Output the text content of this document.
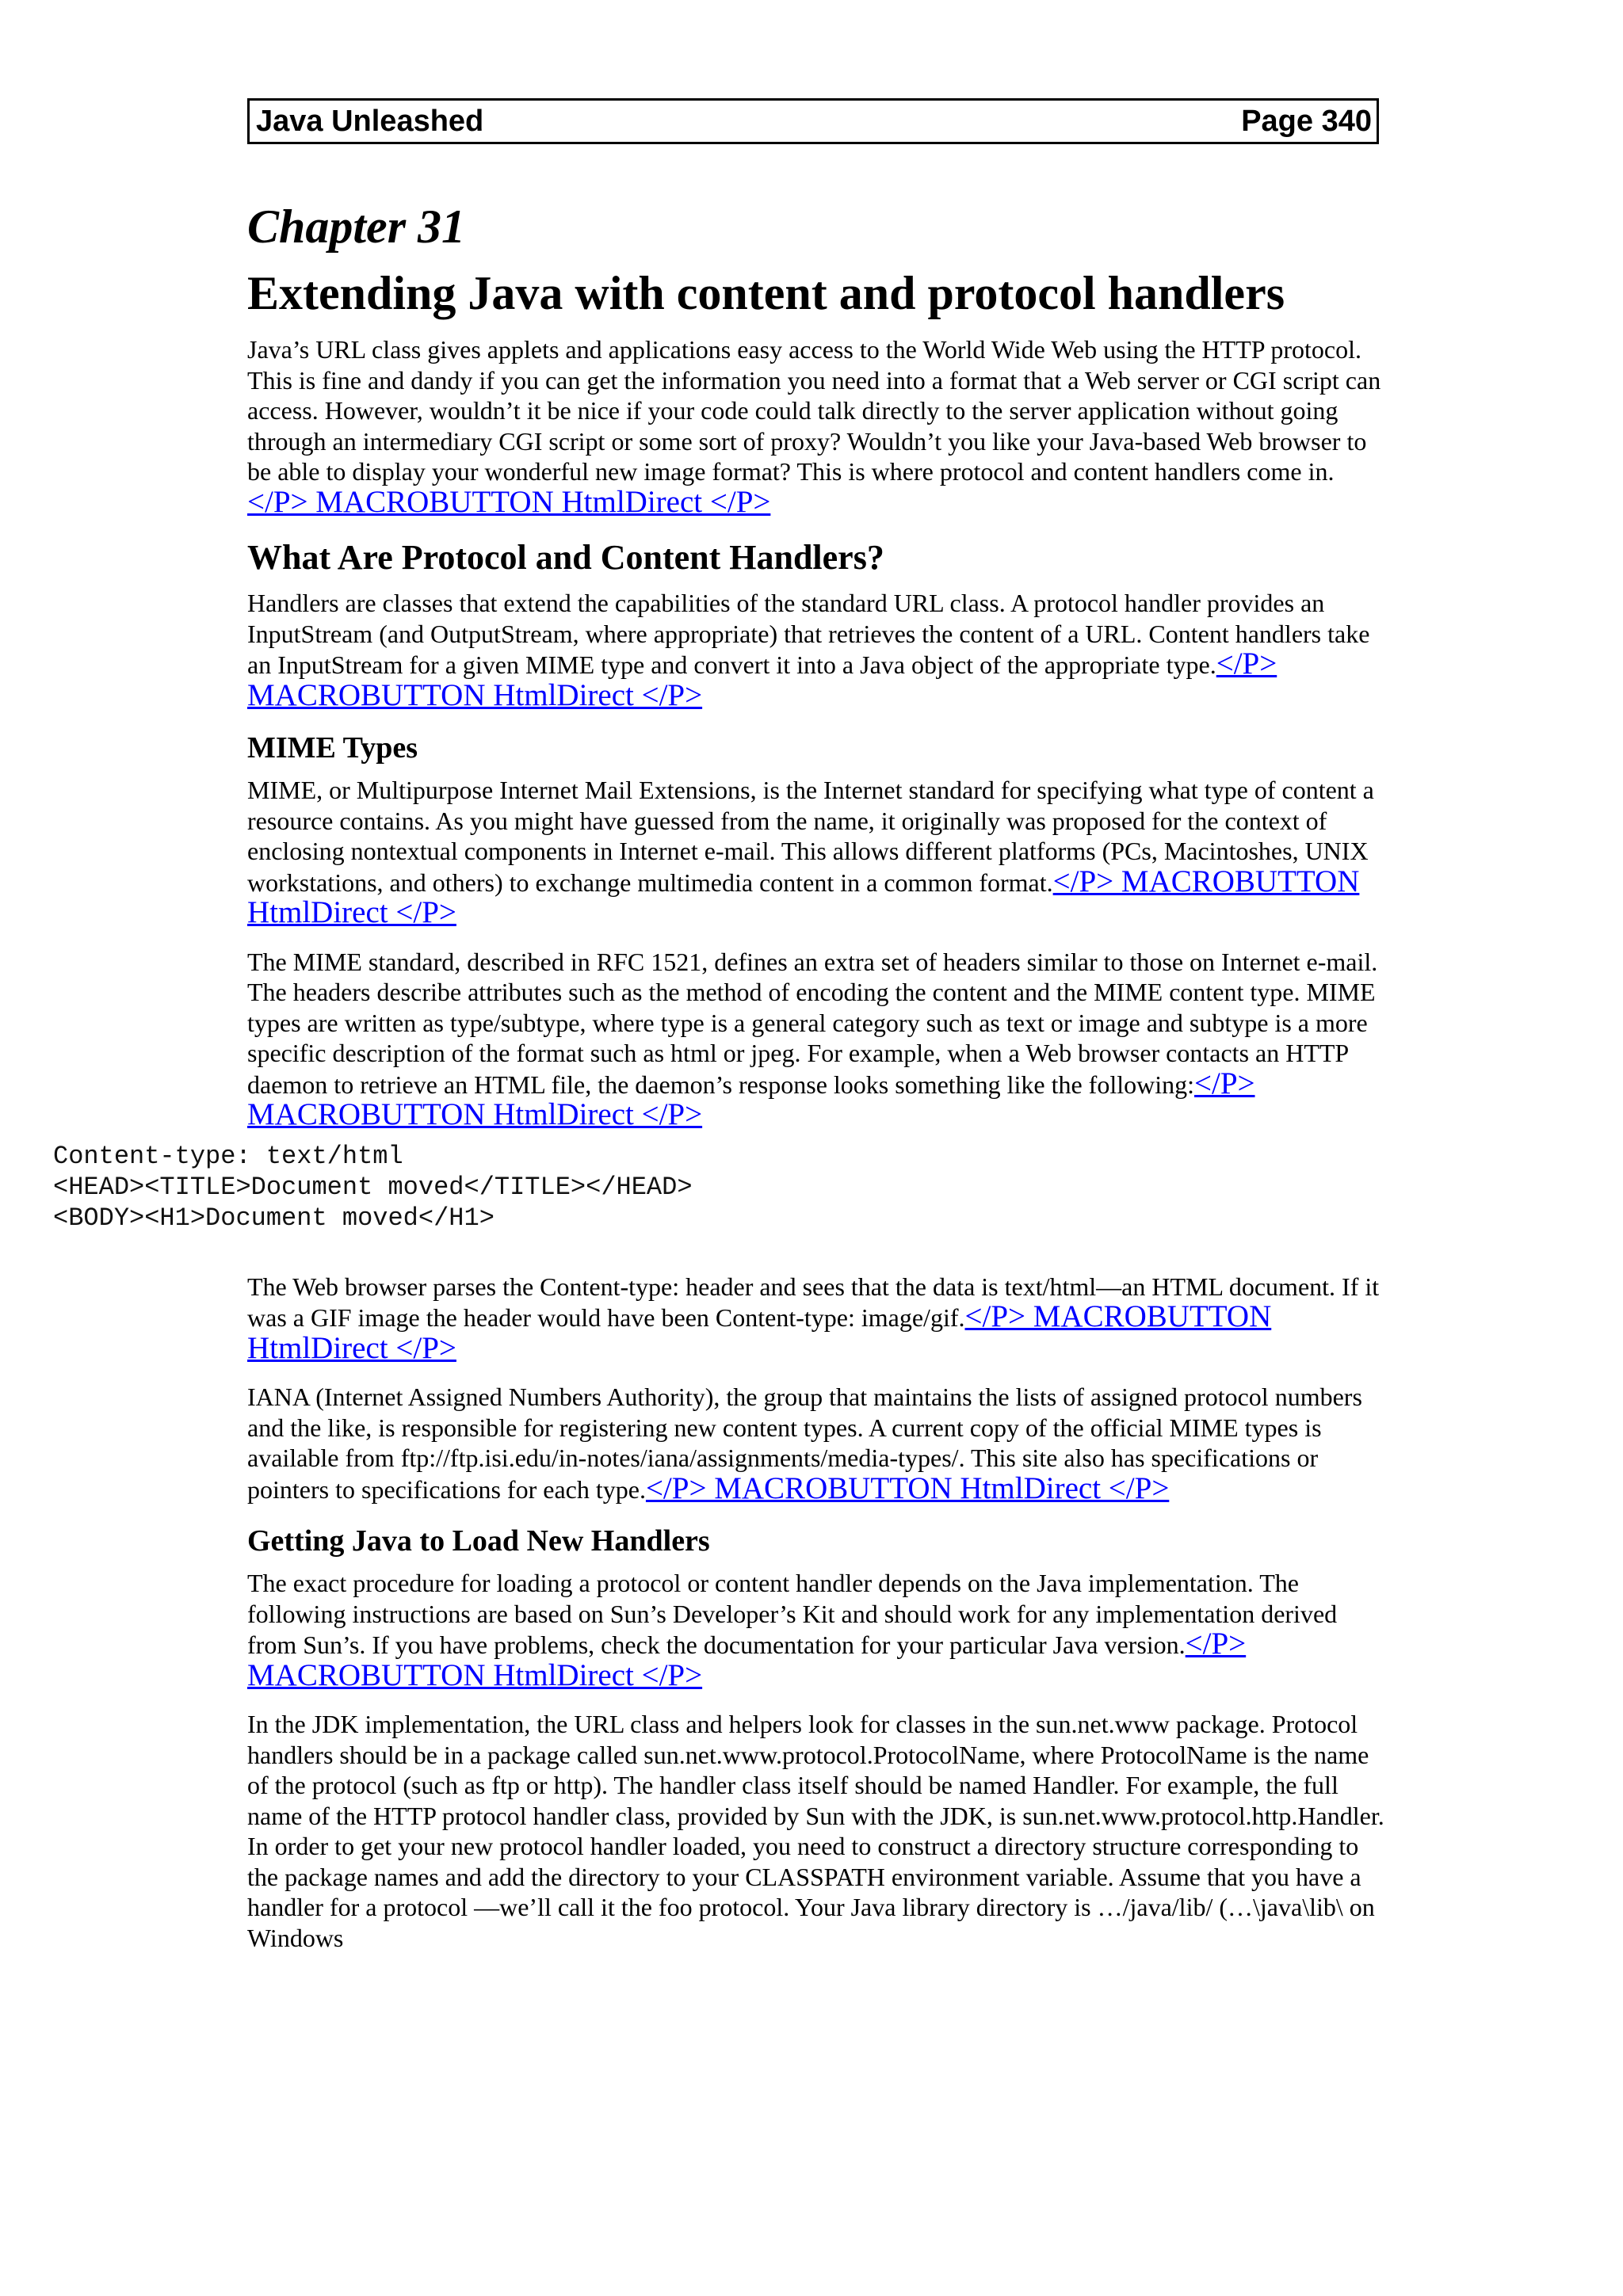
Java Unleashed	Page 340
Chapter 31
Extending Java with content and protocol handlers

Java’s URL class gives applets and applications easy access to the World Wide Web using the HTTP protocol. This is fine and dandy if you can get the information you need into a format that a Web server or CGI script can access. However, wouldn’t it be nice if your code could talk directly to the server application without going through an intermediary CGI script or some sort of proxy? Wouldn’t you like your Java-based Web browser to be able to display your wonderful new image format? This is where protocol and content handlers come in.</P> MACROBUTTON HtmlDirect </P>

What Are Protocol and Content Handlers?

Handlers are classes that extend the capabilities of the standard URL class. A protocol handler provides an InputStream (and OutputStream, where appropriate) that retrieves the content of a URL. Content handlers take an InputStream for a given MIME type and convert it into a Java object of the appropriate type.</P> MACROBUTTON HtmlDirect </P>

MIME Types

MIME, or Multipurpose Internet Mail Extensions, is the Internet standard for specifying what type of content a resource contains. As you might have guessed from the name, it originally was proposed for the context of enclosing nontextual components in Internet e-mail. This allows different platforms (PCs, Macintoshes, UNIX workstations, and others) to exchange multimedia content in a common format.</P> MACROBUTTON HtmlDirect </P>

The MIME standard, described in RFC 1521, defines an extra set of headers similar to those on Internet e-mail. The headers describe attributes such as the method of encoding the content and the MIME content type. MIME types are written as type/subtype, where type is a general category such as text or image and subtype is a more specific description of the format such as html or jpeg. For example, when a Web browser contacts an HTTP daemon to retrieve an HTML file, the daemon’s response looks something like the following:</P> MACROBUTTON HtmlDirect </P>

Content-type: text/html
<HEAD><TITLE>Document moved</TITLE></HEAD>
<BODY><H1>Document moved</H1>

The Web browser parses the Content-type: header and sees that the data is text/html—an HTML document. If it was a GIF image the header would have been Content-type: image/gif.</P> MACROBUTTON HtmlDirect </P>

IANA (Internet Assigned Numbers Authority), the group that maintains the lists of assigned protocol numbers and the like, is responsible for registering new content types. A current copy of the official MIME types is available from ftp://ftp.isi.edu/in-notes/iana/assignments/media-types/. This site also has specifications or pointers to specifications for each type.</P> MACROBUTTON HtmlDirect </P>

Getting Java to Load New Handlers

The exact procedure for loading a protocol or content handler depends on the Java implementation. The following instructions are based on Sun’s Developer’s Kit and should work for any implementation derived from Sun’s. If you have problems, check the documentation for your particular Java version.</P> MACROBUTTON HtmlDirect </P>

In the JDK implementation, the URL class and helpers look for classes in the sun.net.www package. Protocol handlers should be in a package called sun.net.www.protocol.ProtocolName, where ProtocolName is the name of the protocol (such as ftp or http). The handler class itself should be named Handler. For example, the full name of the HTTP protocol handler class, provided by Sun with the JDK, is sun.net.www.protocol.http.Handler. In order to get your new protocol handler loaded, you need to construct a directory structure corresponding to the package names and add the directory to your CLASSPATH environment variable. Assume that you have a handler for a protocol —we’ll call it the foo protocol. Your Java library directory is …/java/lib/ (…\java\lib\ on Windows
